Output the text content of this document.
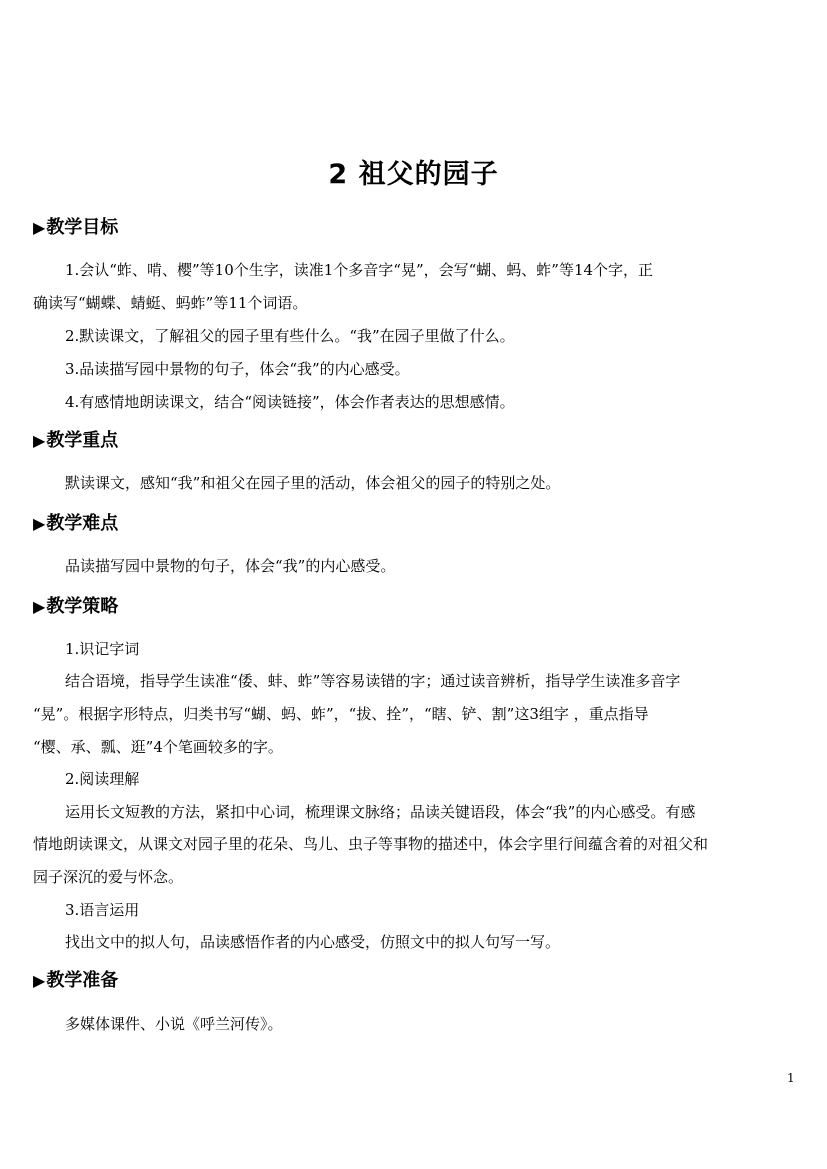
2 祖父的园子
▶教学目标
1.会认“蚱、啃、樱”等10个生字，读准1个多音字“晃”，会写“蝴、蚂、蚱”等14个字，正
确读写“蝴蝶、蜻蜓、蚂蚱”等11个词语。
2.默读课文，了解祖父的园子里有些什么。“我”在园子里做了什么。
3.品读描写园中景物的句子，体会“我”的内心感受。
4.有感情地朗读课文，结合“阅读链接”，体会作者表达的思想感情。
▶教学重点
默读课文，感知“我”和祖父在园子里的活动，体会祖父的园子的特别之处。
▶教学难点
品读描写园中景物的句子，体会“我”的内心感受。
▶教学策略
1.识记字词
结合语境，指导学生读准“倭、蚌、蚱”等容易读错的字；通过读音辨析，指导学生读准多音字
“晃”。根据字形特点，归类书写“蝴、蚂、蚱”，“拔、拴”，“瞎、铲、割”这3组字 ，重点指导
“樱、承、瓢、逛”4个笔画较多的字。
2.阅读理解
运用长文短教的方法，紧扣中心词，梳理课文脉络；品读关键语段，体会“我”的内心感受。有感
情地朗读课文，从课文对园子里的花朵、鸟儿、虫子等事物的描述中，体会字里行间蕴含着的对祖父和
园子深沉的爱与怀念。
3.语言运用
找出文中的拟人句，品读感悟作者的内心感受，仿照文中的拟人句写一写。
▶教学准备
多媒体课件、小说《呼兰河传》。
1
